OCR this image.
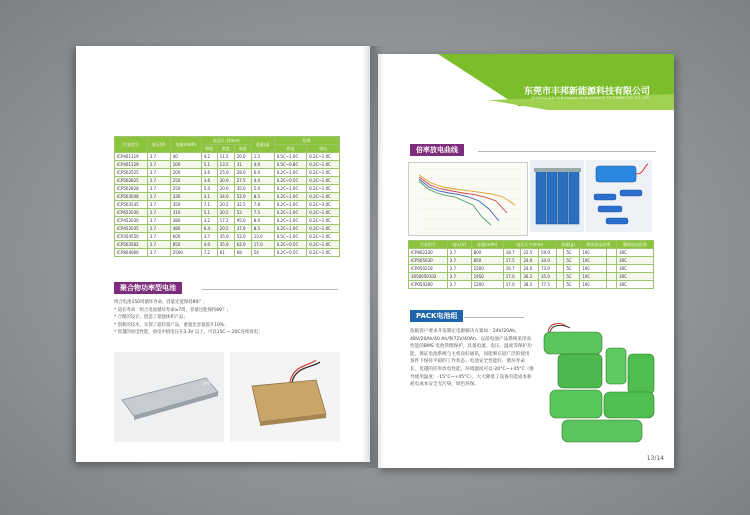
代表型号	电压(V)	容量(mAh)	电芯尺寸(mm)			重量(g)	倍率	
			厚度	宽度	高度		充电	放电
ICP401119	3.7	40	4.2	11.5	20.0	1.3	0.5C~1.0C	0.2C~1.0C
ICP401129	3.7	100	5.1	13.5	31	4.0	0.5C~0.8C	0.2C~1.0C
ICP502525	3.7	200	3.6	25.0	28.0	6.0	0.2C~1.0C	0.2C~1.0C
ICP502825	3.7	250	3.6	30.0	27.5	4.4	0.2C~0.5C	0.2C~1.0C
ICP502828	3.7	250	5.0	20.0	35.0	5.0	0.2C~1.0C	0.2C~1.0C
ICP503048	3.7	330	3.1	34.0	52.0	8.5	0.2C~1.0C	0.2C~1.0C
ICP503545	3.7	350	7.1	20.5	32.5	7.8	0.2C~1.0C	0.2C~3.0C
ICP652030	3.7	310	5.1	30.5	52	7.5	0.2C~1.0C	0.2C~1.0C
ICP452030	3.7	380	3.2	17.2	95.0	8.0	0.2C~1.0C	0.2C~1.0C
ICP452035	3.7	480	6.4	20.5	37.0	8.5	0.2C~1.0C	0.2C~1.0C
ICP354550	3.7	600	3.7	35.0	52.0	13.0	0.5C~1.0C	0.2C~1.0C
ICP503562	3.7	850	4.0	35.0	62.0	17.0	0.2C~0.5C	0.2C~1.0C
ICP804066	3.7	2500	7.2	61	68	54	0.2C~0.5C	0.2C~1.0C
聚合物功率型电池
组合电池150周循环寿命，容量还能保持8♀？；
* 超长寿命：组合电池循环寿命≥7周，容量还能保持8♀？；
* 合理的设计，创造了超强体积产品；
* 创新的技术，实现了超轻量产品，重量比容量提升10%；
* 优越的放电性能，放电中值电压在3.3V 以上，可以15C ~ 20C连续放电；
东莞市丰邦新能源科技有限公司
DONGGUAN FENGBANG NEW ENERGY TECHNOLOGY CO.,LTD
倍率放电曲线
代表型号	电压(V)	容量(mAh)	电芯尺寸(mm)			重量(g)		持续放电倍率		瞬间放电倍率
ICP802330	3.7	800	18.7	22.5	59.0		5C	10C		30C
ICP505030	3.7	850	17.5	24.0	34.0		5C	10C		30C
ICP050218	3.7	1500	16.7	24.0	73.0		5C	10C		30C
3050050102	3.7	1950	17.0	36.2	35.0		5C	10C		30C
ICP054300	3.7	1200	17.0	38.5	77.5		5C	10C		30C
PACK电池组
依据客户要求开发制定电源解决方案如：24V/20Ah，48V/20Ah/40 Ah/和72V/40Ah。以前电池产品系统采用高性能的BMS 电池管理保护，具备电流、电压、温度等保护功能，保证电池系统与主机良好通讯，同能够在较广泛的使用条件下保持平稳的工作状态。电池安全性能好，循环寿命长，优越的倍率放电性能，环境温度可以-20°C~+45°C（推导使用温度：-15°C~+45°C），大大降低了设备有能成本和耗电成本安全无污染，绿色环保。
13/14
